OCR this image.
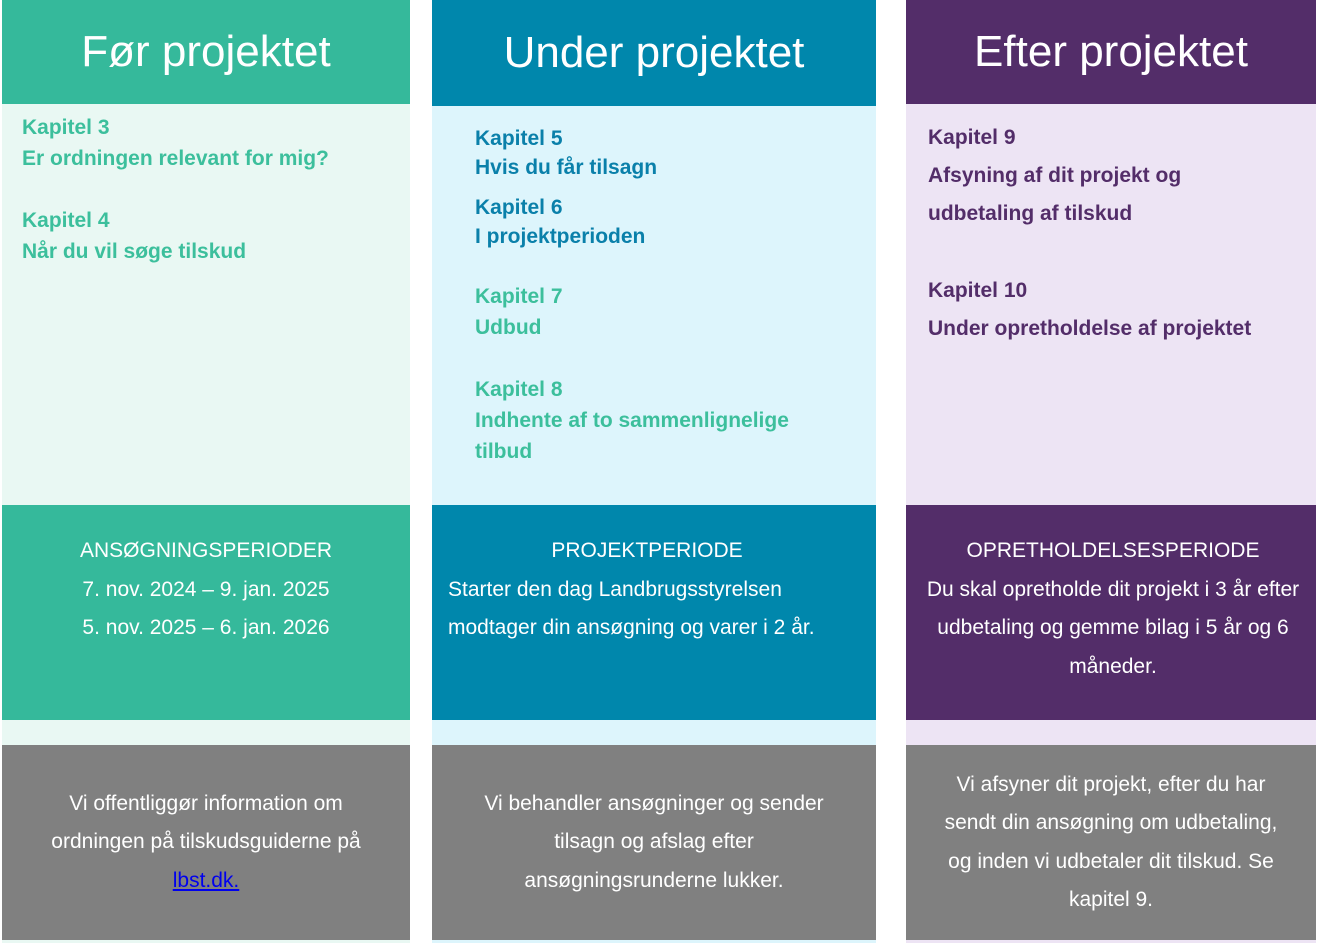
Før projektet
Kapitel 3
Er ordningen relevant for mig?
Kapitel 4
Når du vil søge tilskud
ANSØGNINGSPERIODER
7. nov. 2024 – 9. jan. 2025
5. nov. 2025 – 6. jan. 2026
Vi offentliggør information om ordningen på tilskudsguiderne på
lbst.dk.
Under projektet
Kapitel 5
Hvis du får tilsagn
Kapitel 6
I projektperioden
Kapitel 7
Udbud
Kapitel 8
Indhente af to sammenlignelige tilbud
PROJEKTPERIODE
Starter den dag Landbrugsstyrelsen modtager din ansøgning og varer i 2 år.
Vi behandler ansøgninger og sender tilsagn og afslag efter ansøgningsrunderne lukker.
Efter projektet
Kapitel 9
Afsyning af dit projekt og udbetaling af tilskud
Kapitel 10
Under opretholdelse af projektet
OPRETHOLDELSESPERIODE
Du skal opretholde dit projekt i 3 år efter udbetaling og gemme bilag i 5 år og 6 måneder.
Vi afsyner dit projekt, efter du har sendt din ansøgning om udbetaling, og inden vi udbetaler dit tilskud. Se kapitel 9.
